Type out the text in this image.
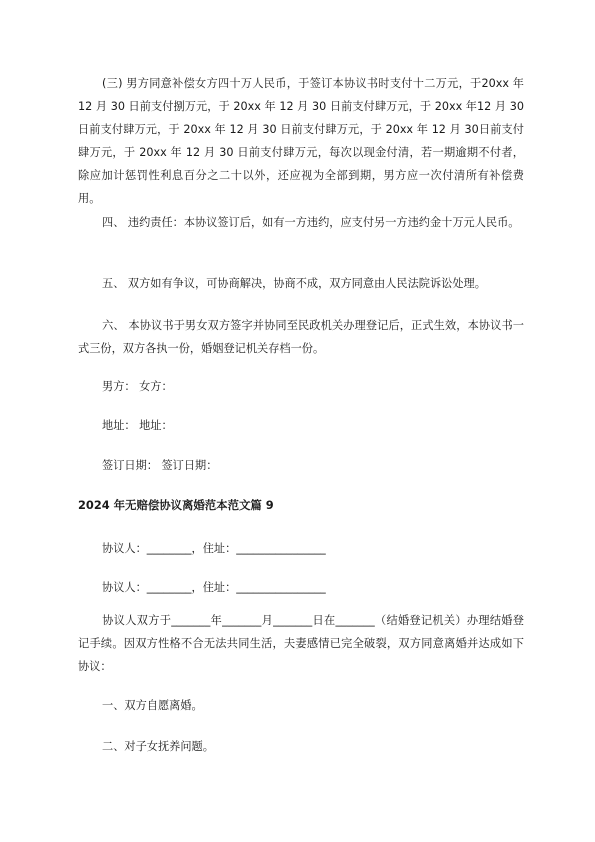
(三) 男方同意补偿女方四十万人民币，于签订本协议书时支付十二万元，于20xx 年 12 月 30 日前支付捌万元，于 20xx 年 12 月 30 日前支付肆万元，于 20xx 年12 月 30 日前支付肆万元，于 20xx 年 12 月 30 日前支付肆万元，于 20xx 年 12 月 30日前支付肆万元，于 20xx 年 12 月 30 日前支付肆万元，每次以现金付清，若一期逾期不付者，除应加计惩罚性利息百分之二十以外，还应视为全部到期，男方应一次付清所有补偿费用。

四、 违约责任：本协议签订后，如有一方违约，应支付另一方违约金十万元人民币。

五、 双方如有争议，可协商解决，协商不成，双方同意由人民法院诉讼处理。

六、 本协议书于男女双方签字并协同至民政机关办理登记后，正式生效，本协议书一式三份，双方各执一份，婚姻登记机关存档一份。

男方： 女方：
地址： 地址：
签订日期： 签订日期：
2024 年无赔偿协议离婚范本范文篇 9
协议人：________，住址：________________
协议人：________，住址：________________

协议人双方于_______年_______月_______日在_______（结婚登记机关）办理结婚登记手续。因双方性格不合无法共同生活，夫妻感情已完全破裂，双方同意离婚并达成如下协议：

一、双方自愿离婚。
二、对子女抚养问题。
